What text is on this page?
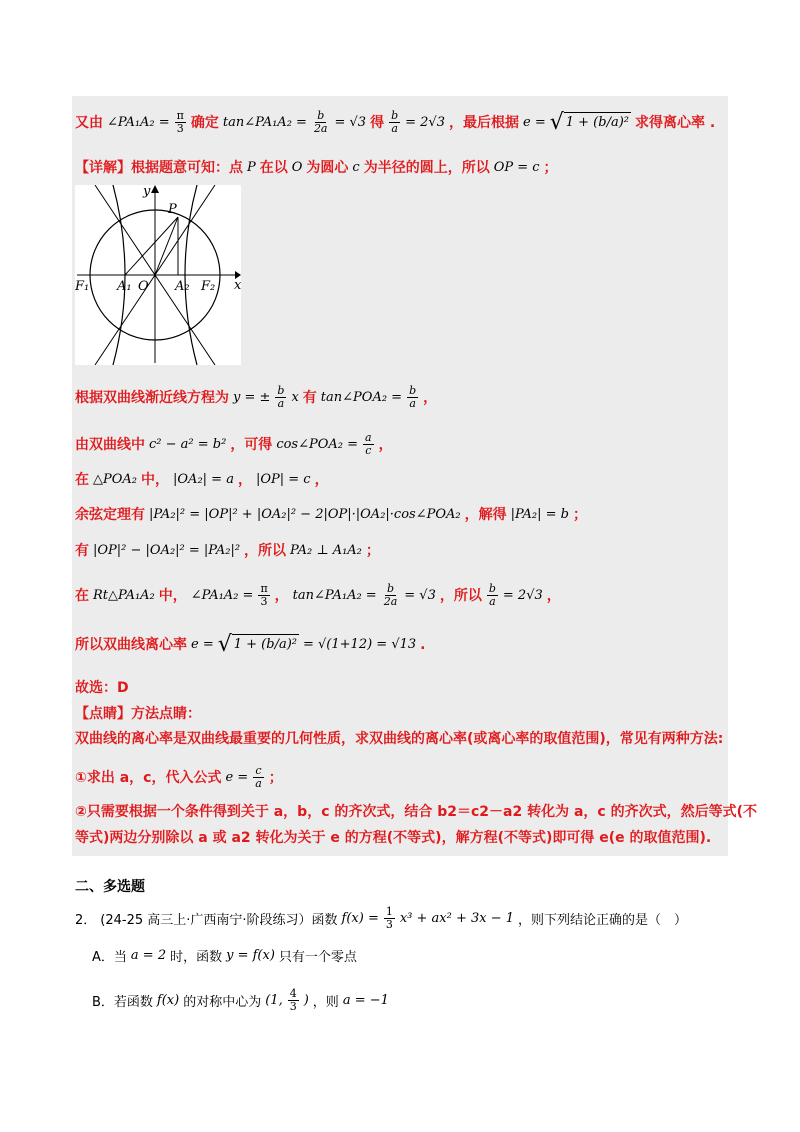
又由 ∠PA₁A₂ = $\frac{\pi}{3}$ 确定 tan∠PA₁A₂ = $\frac{b}{2a} = √3$ 得 $\frac{b}{a} = 2√3$ ，最后根据 e = √ 1 + (b/a)² 求得离心率 .
【详解】根据题意可知：点 P 在以 O 为圆心 c 为半径的圆上，所以 OP = c ；
y
x
P
F₁ A₁ O A₂ F₂
根据双曲线渐近线方程为 y = ± $\frac{b}{a}$ x 有 tan∠POA₂ = $\frac{b}{a}$ ，
由双曲线中 c² − a² = b² ，可得 cos∠POA₂ = $\frac{a}{c}$ ，
在 △POA₂ 中， |OA₂| = a ， |OP| = c ，
余弦定理有 |PA₂|² = |OP|² + |OA₂|² − 2|OP|·|OA₂|·cos∠POA₂ ，解得 |PA₂| = b ；
有 |OP|² − |OA₂|² = |PA₂|² ，所以 PA₂ ⊥ A₁A₂ ；
在 Rt△PA₁A₂ 中， ∠PA₁A₂ = $\frac{\pi}{3}$ ， tan∠PA₁A₂ = $\frac{b}{2a} = √3$ ，所以 $\frac{b}{a} = 2√3$ ，
所以双曲线离心率 e = √ 1 + (b/a)² = √(1+12) = √13 .
故选：D
【点睛】方法点睛：
双曲线的离心率是双曲线最重要的几何性质，求双曲线的离心率(或离心率的取值范围)，常见有两种方法:
①求出 a，c，代入公式 $e = \frac{c}{a}$ ；
②只需要根据一个条件得到关于 a，b，c 的齐次式，结合 b2＝c2－a2 转化为 a，c 的齐次式，然后等式(不
等式)两边分别除以 a 或 a2 转化为关于 e 的方程(不等式)，解方程(不等式)即可得 e(e 的取值范围).
二、多选题
2． (24-25 高三上·广西南宁·阶段练习）函数 $f(x) = \frac{1}{3} x^3 + ax^2 + 3x - 1$ ，则下列结论正确的是（　）
A．当 a = 2 时，函数 y = f(x) 只有一个零点
B．若函数 f(x) 的对称中心为 (1, $\frac{4}{3}$ ) ，则 a = −1
